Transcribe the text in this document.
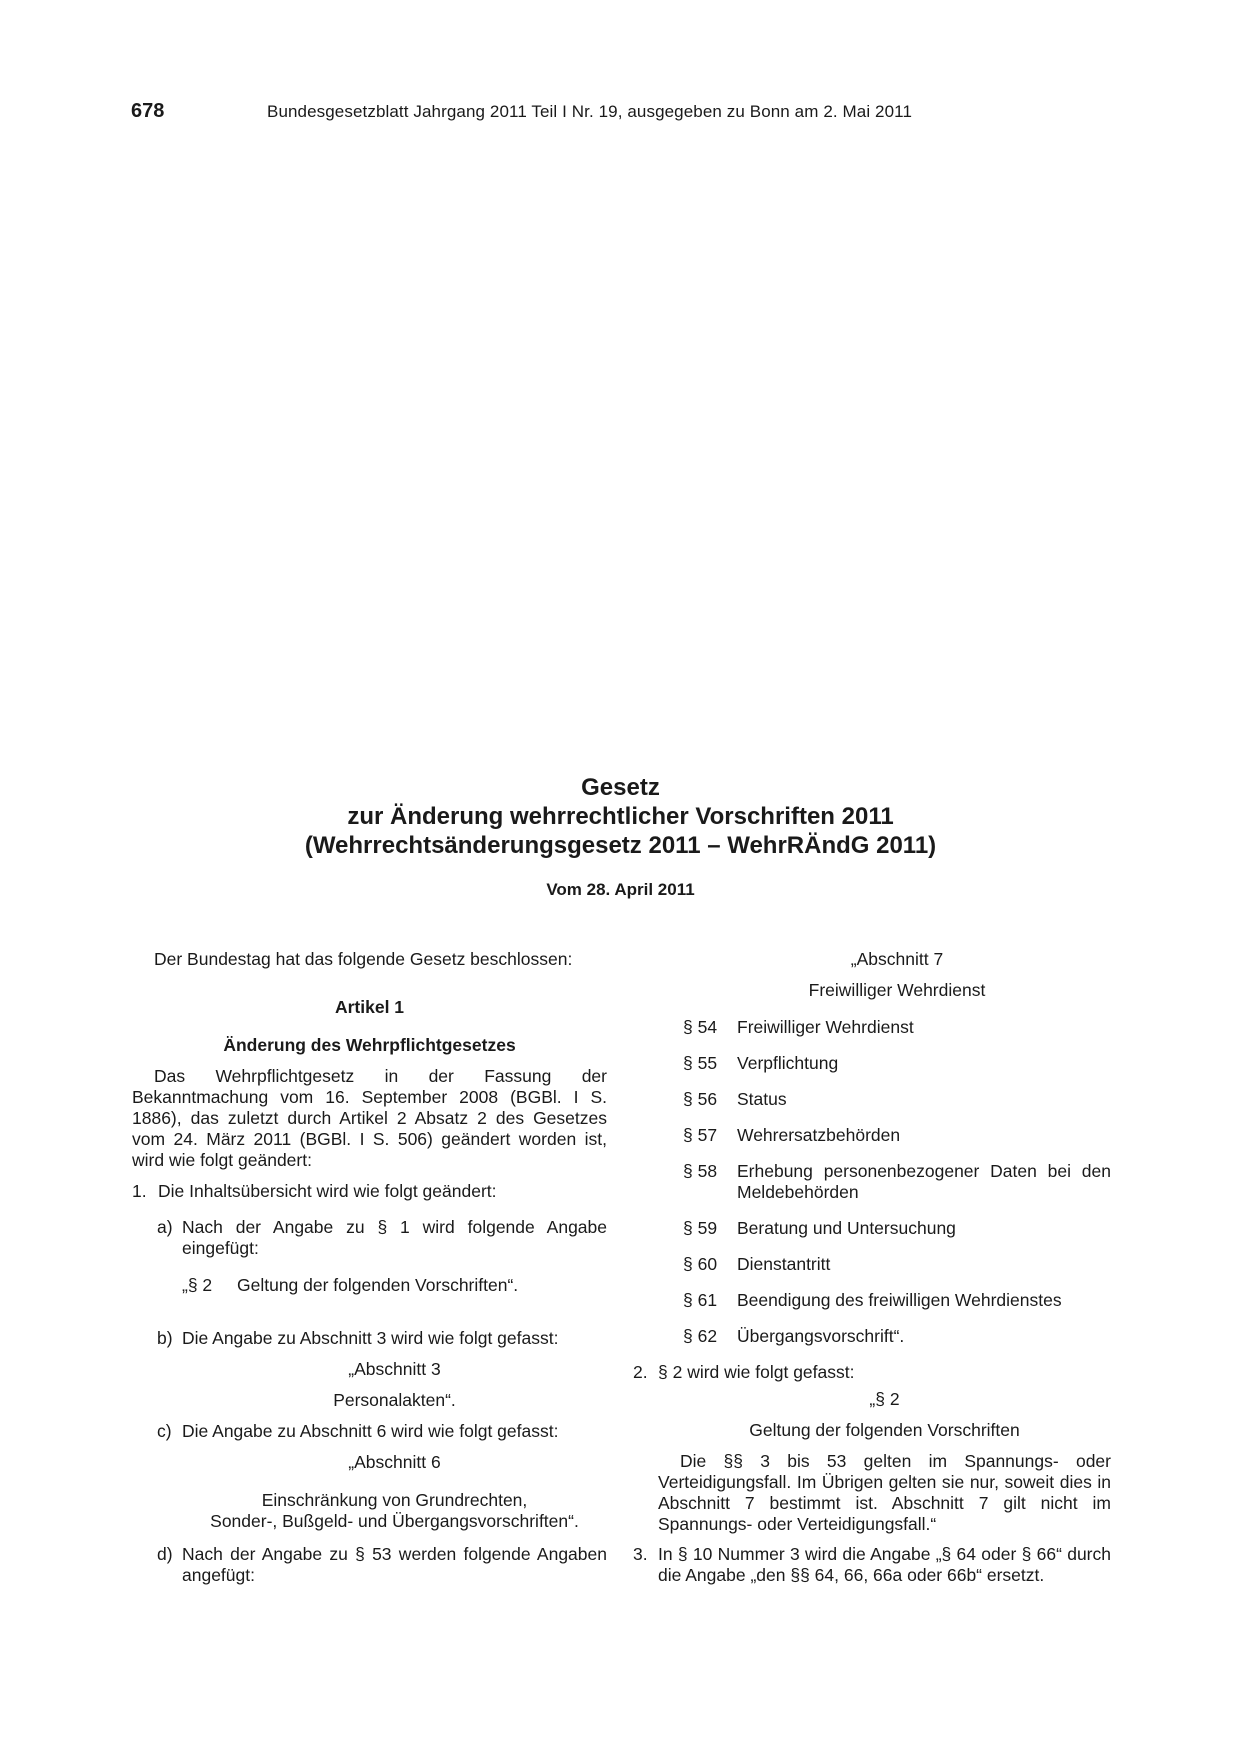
678	Bundesgesetzblatt Jahrgang 2011 Teil I Nr. 19, ausgegeben zu Bonn am 2. Mai 2011
Gesetz
zur Änderung wehrrechtlicher Vorschriften 2011
(Wehrrechtsänderungsgesetz 2011 – WehrRÄndG 2011)
Vom 28. April 2011

Der Bundestag hat das folgende Gesetz beschlossen:

Artikel 1

Änderung des Wehrpflichtgesetzes

Das Wehrpflichtgesetz in der Fassung der Bekanntmachung vom 16. September 2008 (BGBl. I S. 1886), das zuletzt durch Artikel 2 Absatz 2 des Gesetzes vom 24. März 2011 (BGBl. I S. 506) geändert worden ist, wird wie folgt geändert:

1. Die Inhaltsübersicht wird wie folgt geändert:
a) Nach der Angabe zu § 1 wird folgende Angabe eingefügt:
„§ 2	Geltung der folgenden Vorschriften“.
b) Die Angabe zu Abschnitt 3 wird wie folgt gefasst:

„Abschnitt 3

Personalakten“.

c) Die Angabe zu Abschnitt 6 wird wie folgt gefasst:

„Abschnitt 6

Einschränkung von Grundrechten,

Sonder-, Bußgeld- und Übergangsvorschriften“.

d) Nach der Angabe zu § 53 werden folgende Angaben angefügt:

„Abschnitt 7

Freiwilliger Wehrdienst

§ 54	Freiwilliger Wehrdienst
§ 55	Verpflichtung
§ 56	Status
§ 57	Wehrersatzbehörden
§ 58	Erhebung personenbezogener Daten bei den Meldebehörden
§ 59	Beratung und Untersuchung
§ 60	Dienstantritt
§ 61	Beendigung des freiwilligen Wehrdienstes
§ 62	Übergangsvorschrift“.
2. § 2 wird wie folgt gefasst:

„§ 2

Geltung der folgenden Vorschriften

Die §§ 3 bis 53 gelten im Spannungs- oder Verteidigungsfall. Im Übrigen gelten sie nur, soweit dies in Abschnitt 7 bestimmt ist. Abschnitt 7 gilt nicht im Spannungs- oder Verteidigungsfall.“

3. In § 10 Nummer 3 wird die Angabe „§ 64 oder § 66“ durch die Angabe „den §§ 64, 66, 66a oder 66b“ ersetzt.
